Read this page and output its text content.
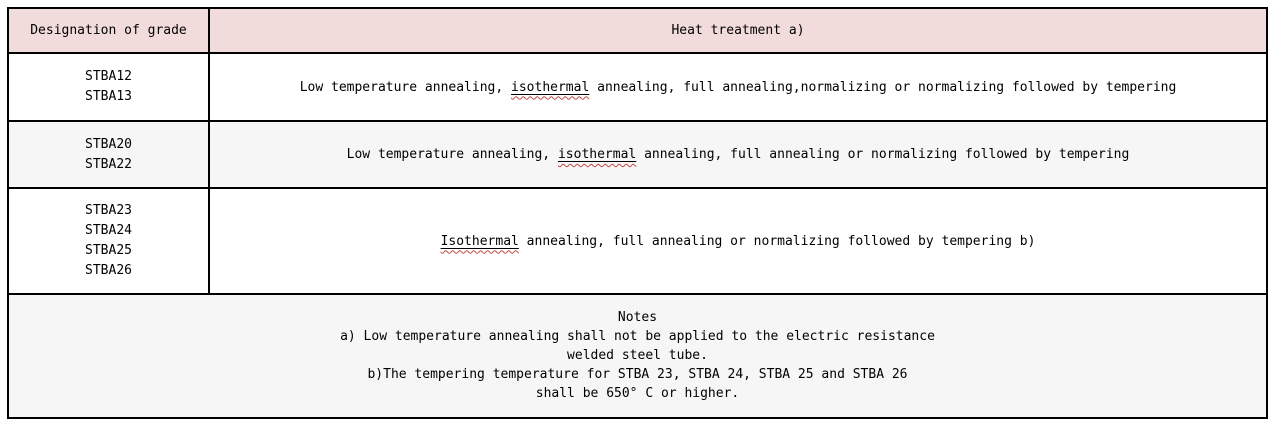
Designation of grade	Heat treatment a)
STBA12
STBA13
Low temperature annealing, isothermal annealing, full annealing,normalizing or normalizing followed by tempering
STBA20
STBA22
Low temperature annealing, isothermal annealing, full annealing or normalizing followed by tempering
STBA23
STBA24
STBA25
STBA26
Isothermal annealing, full annealing or normalizing followed by tempering b)
Notes
a) Low temperature annealing shall not be applied to the electric resistance
welded steel tube.
b)The tempering temperature for STBA 23, STBA 24, STBA 25 and STBA 26
shall be 650° C or higher.
